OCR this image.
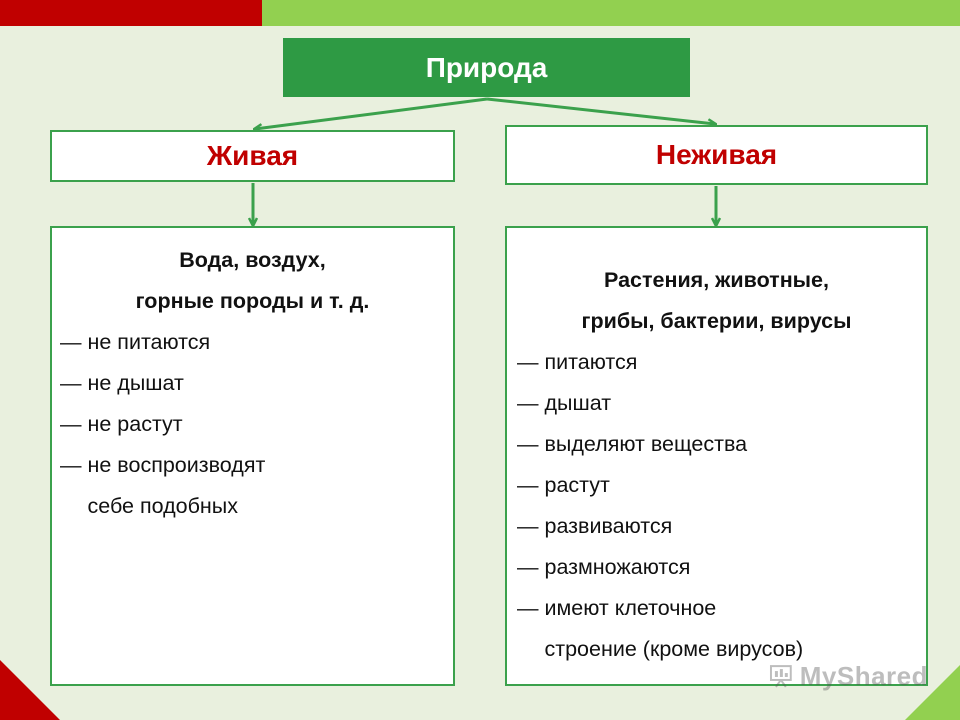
Природа
Живая	Неживая
Вода, воздух,
горные породы и т. д.
— не питаются
— не дышат
— не растут
— не воспроизводят
себе подобных
Растения, животные,
грибы, бактерии, вирусы
— питаются
— дышат
— выделяют вещества
— растут
— развиваются
— размножаются
— имеют клеточное
строение (кроме вирусов)
MyShared
